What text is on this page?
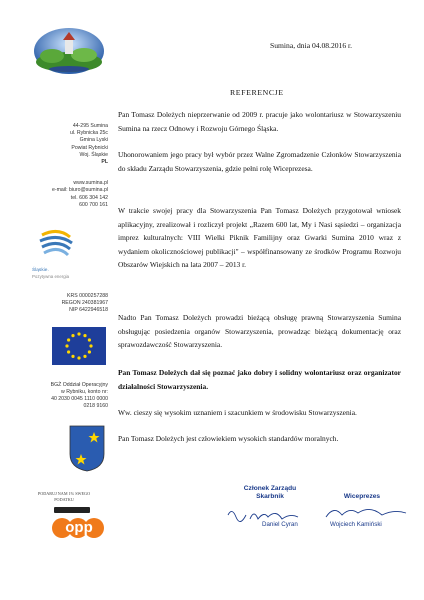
44-295 Sumina
ul. Rybnicka 25c
Gmina Lyski
Powiat Rybnicki
Woj. Śląskie
PL
www.sumina.pl
e-mail: biuro@sumina.pl
tel. 606 304 142
600 700 161
Śląskie.
Pozytywna energia
KRS 0000257288
REGON 240381967
NIP 6422946518
BGŻ Oddział Operacyjny
w Rybniku, konto nr:
40 2030 0045 1110 0000
0218 9160
PODARUJ NAM 1% SWEGO
PODATKU
opp
Sumina, dnia 04.08.2016 r.
REFERENCJE

Pan Tomasz Doleżych nieprzerwanie od 2009 r. pracuje jako wolontariusz w Stowarzyszeniu Sumina na rzecz Odnowy i Rozwoju Górnego Śląska.

Uhonorowaniem jego pracy był wybór przez Walne Zgromadzenie Członków Stowarzyszenia do składu Zarządu Stowarzyszenia, gdzie pełni rolę Wiceprezesa.

W trakcie swojej pracy dla Stowarzyszenia Pan Tomasz Doleżych przygotował wniosek aplikacyjny, zrealizował i rozliczył projekt „Razem 600 lat, My i Nasi sąsiedzi – organizacja imprez kulturalnych: VIII Wielki Piknik Familijny oraz Gwarki Sumina 2010 wraz z wydaniem okolicznościowej publikacji" – współfinansowany ze środków Programu Rozwoju Obszarów Wiejskich na lata 2007 – 2013 r.

Nadto Pan Tomasz Doleżych prowadzi bieżącą obsługę prawną Stowarzyszenia Sumina obsługując posiedzenia organów Stowarzyszenia, prowadząc bieżącą dokumentację oraz sprawozdawczość Stowarzyszenia.

Pan Tomasz Doleżych dał się poznać jako dobry i solidny wolontariusz oraz organizator działalności Stowarzyszenia.

Ww. cieszy się wysokim uznaniem i szacunkiem w środowisku Stowarzyszenia.

Pan Tomasz Doleżych jest człowiekiem wysokich standardów moralnych.

Członek Zarządu
Skarbnik
Daniel Cyran
Wiceprezes
Wojciech Kamiński
